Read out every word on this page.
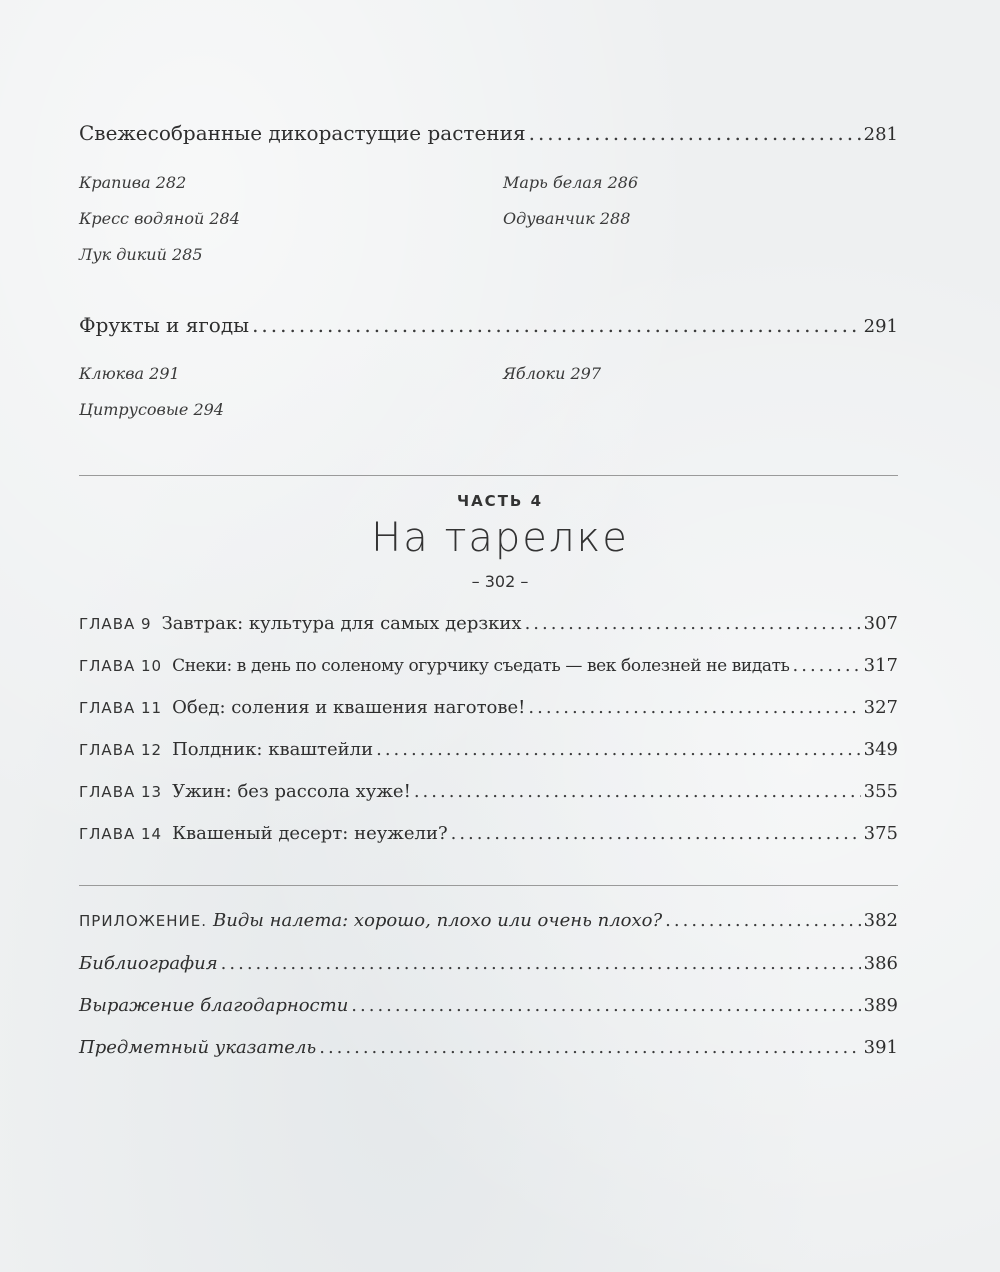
Свежесобранные дикорастущие растения .....	281
Крапива 282	Марь белая 286
Кресс водяной 284	Одуванчик 288
Лук дикий 285
Фрукты и ягоды .....	291
Клюква 291	Яблоки 297
Цитрусовые 294
ЧАСТЬ 4
На тарелке
– 302 –
ГЛАВА 9 Завтрак: культура для самых дерзких .....	307
ГЛАВА 10 Снеки: в день по соленому огурчику съедать — век болезней не видать .....	317
ГЛАВА 11 Обед: соления и квашения наготове! .....	327
ГЛАВА 12 Полдник: кваштейли .....	349
ГЛАВА 13 Ужин: без рассола хуже! .....	355
ГЛАВА 14 Квашеный десерт: неужели? .....	375
ПРИЛОЖЕНИЕ. Виды налета: хорошо, плохо или очень плохо? .....	382
Библиография .....	386
Выражение благодарности .....	389
Предметный указатель .....	391
